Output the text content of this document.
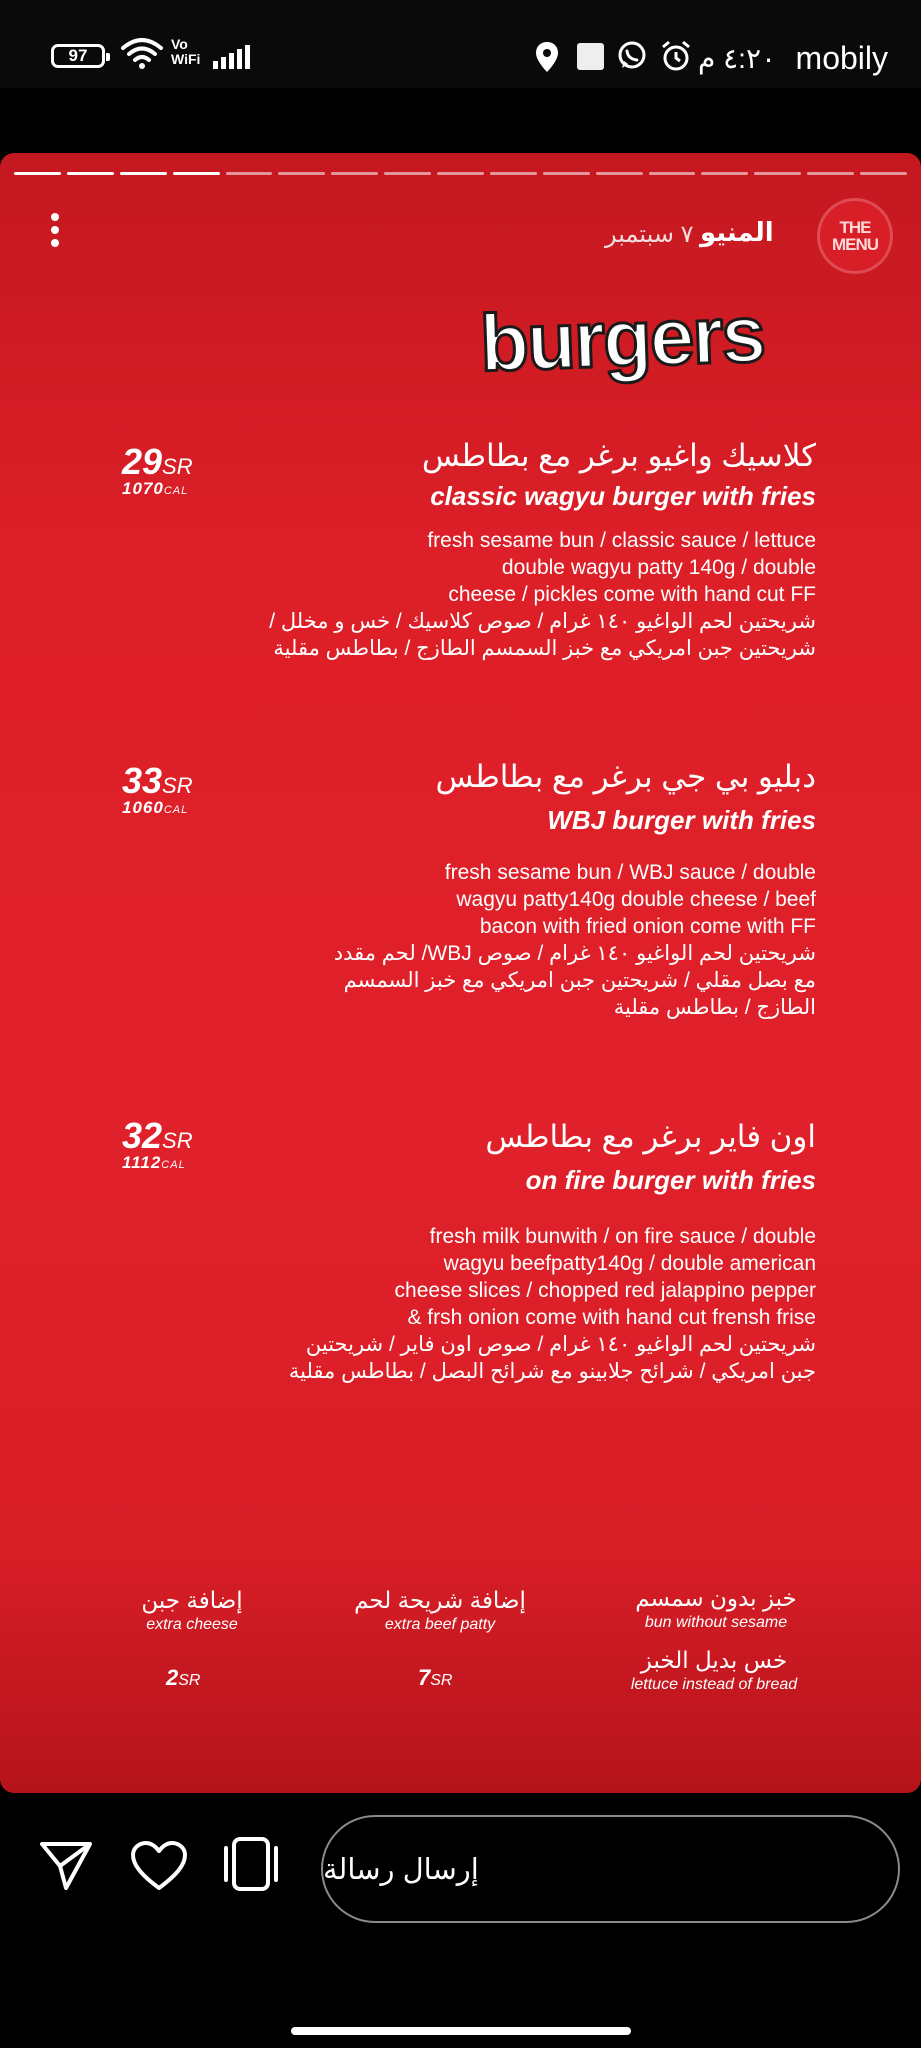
97
Vo
WiFi	٤:٢٠ م mobily
THE MENU
المنيو
٧ سبتمبر
burgers
29SR
1070CAL
كلاسيك واغيو برغر مع بطاطس
classic wagyu burger with fries
fresh sesame bun / classic sauce / lettuce
double wagyu patty 140g / double
cheese / pickles come with hand cut FF
شريحتين لحم الواغيو ١٤٠ غرام / صوص كلاسيك / خس و مخلل /
شريحتين جبن امريكي مع خبز السمسم الطازج / بطاطس مقلية
33SR
1060CAL
دبليو بي جي برغر مع بطاطس
WBJ burger with fries
fresh sesame bun / WBJ sauce / double
wagyu patty140g double cheese / beef
bacon with fried onion come with FF
شريحتين لحم الواغيو ١٤٠ غرام / صوص WBJ/ لحم مقدد
مع بصل مقلي / شريحتين جبن امريكي مع خبز السمسم
الطازج / بطاطس مقلية
32SR
1112CAL
اون فاير برغر مع بطاطس
on fire burger with fries
fresh milk bunwith / on fire sauce / double
wagyu beefpatty140g / double american
cheese slices / chopped red jalappino pepper
& frsh onion come with hand cut frensh frise
شريحتين لحم الواغيو ١٤٠ غرام / صوص اون فاير / شريحتين
جبن امريكي / شرائح جلابينو مع شرائح البصل / بطاطس مقلية
خبز بدون سمسم
bun without sesame
خس بديل الخبز
lettuce instead of bread
إضافة شريحة لحم
extra beef patty
7SR
إضافة جبن
extra cheese
2SR
إرسال رسالة
